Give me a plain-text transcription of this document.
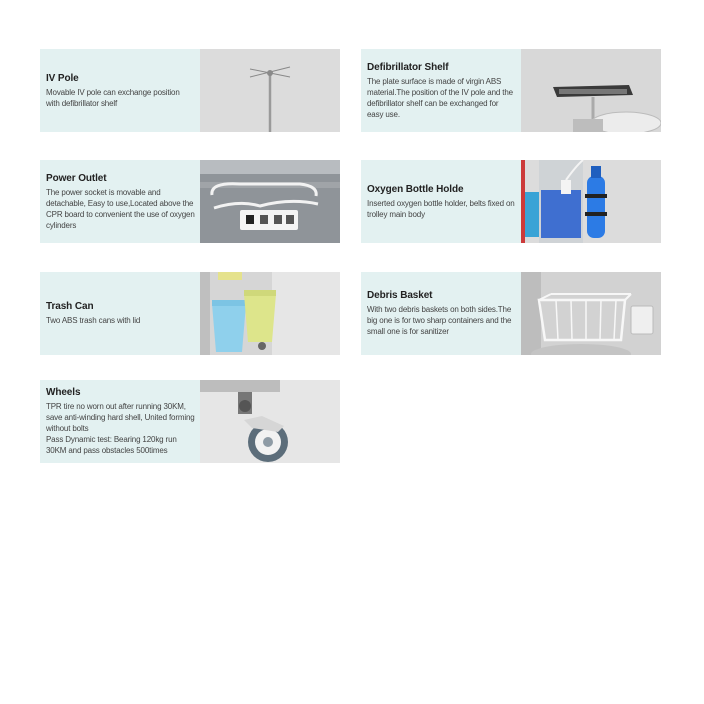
IV Pole
Movable IV pole can exchange position with defibrillator shelf
Defibrillator Shelf
The plate surface is made of virgin ABS material.The position of the IV pole and the defibrillator shelf can be exchanged for easy use.
Power Outlet
The power socket is movable and detachable, Easy to use,Located above the CPR board to convenient the use of oxygen cylinders
Oxygen Bottle Holde
Inserted oxygen bottle holder, belts fixed on trolley main body
Trash Can
Two ABS trash cans with lid
Debris Basket
With two debris baskets on both sides.The big one is for two sharp containers and the small one is for sanitizer
Wheels
TPR tire no worn out after running 30KM, save anti-winding hard shell, United forming without bolts
Pass Dynamic test: Bearing 120kg run 30KM and pass obstacles 500times
